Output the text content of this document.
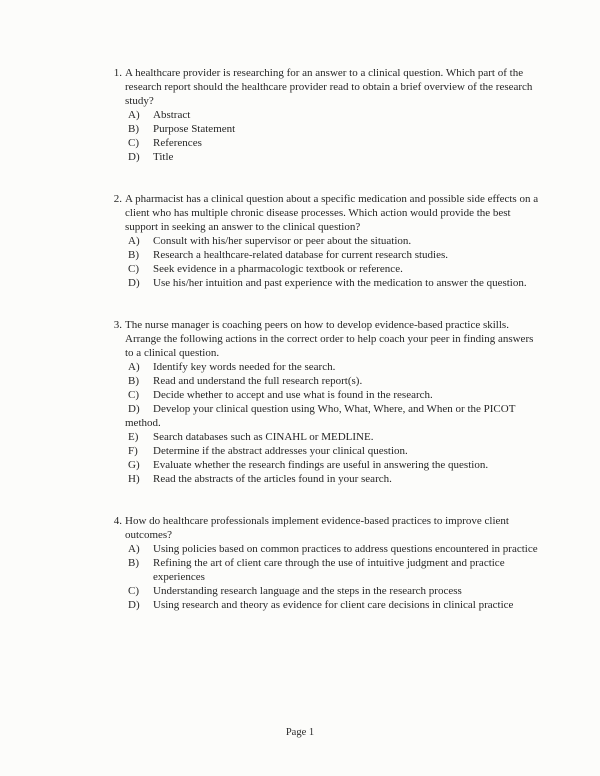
1. A healthcare provider is researching for an answer to a clinical question. Which part of the research report should the healthcare provider read to obtain a brief overview of the research study?
A)	Abstract
B)	Purpose Statement
C)	References
D)	Title
2. A pharmacist has a clinical question about a specific medication and possible side effects on a client who has multiple chronic disease processes. Which action would provide the best support in seeking an answer to the clinical question?
A)	Consult with his/her supervisor or peer about the situation.
B)	Research a healthcare-related database for current research studies.
C)	Seek evidence in a pharmacologic textbook or reference.
D)	Use his/her intuition and past experience with the medication to answer the question.
3. The nurse manager is coaching peers on how to develop evidence-based practice skills. Arrange the following actions in the correct order to help coach your peer in finding answers to a clinical question.
A)	Identify key words needed for the search.
B)	Read and understand the full research report(s).
C)	Decide whether to accept and use what is found in the research.
D)	Develop your clinical question using Who, What, Where, and When or the PICOT
method.
E)	Search databases such as CINAHL or MEDLINE.
F)	Determine if the abstract addresses your clinical question.
G)	Evaluate whether the research findings are useful in answering the question.
H)	Read the abstracts of the articles found in your search.
4. How do healthcare professionals implement evidence-based practices to improve client outcomes?
A)	Using policies based on common practices to address questions encountered in practice
B)	Refining the art of client care through the use of intuitive judgment and practice experiences
C)	Understanding research language and the steps in the research process
D)	Using research and theory as evidence for client care decisions in clinical practice
Page 1
